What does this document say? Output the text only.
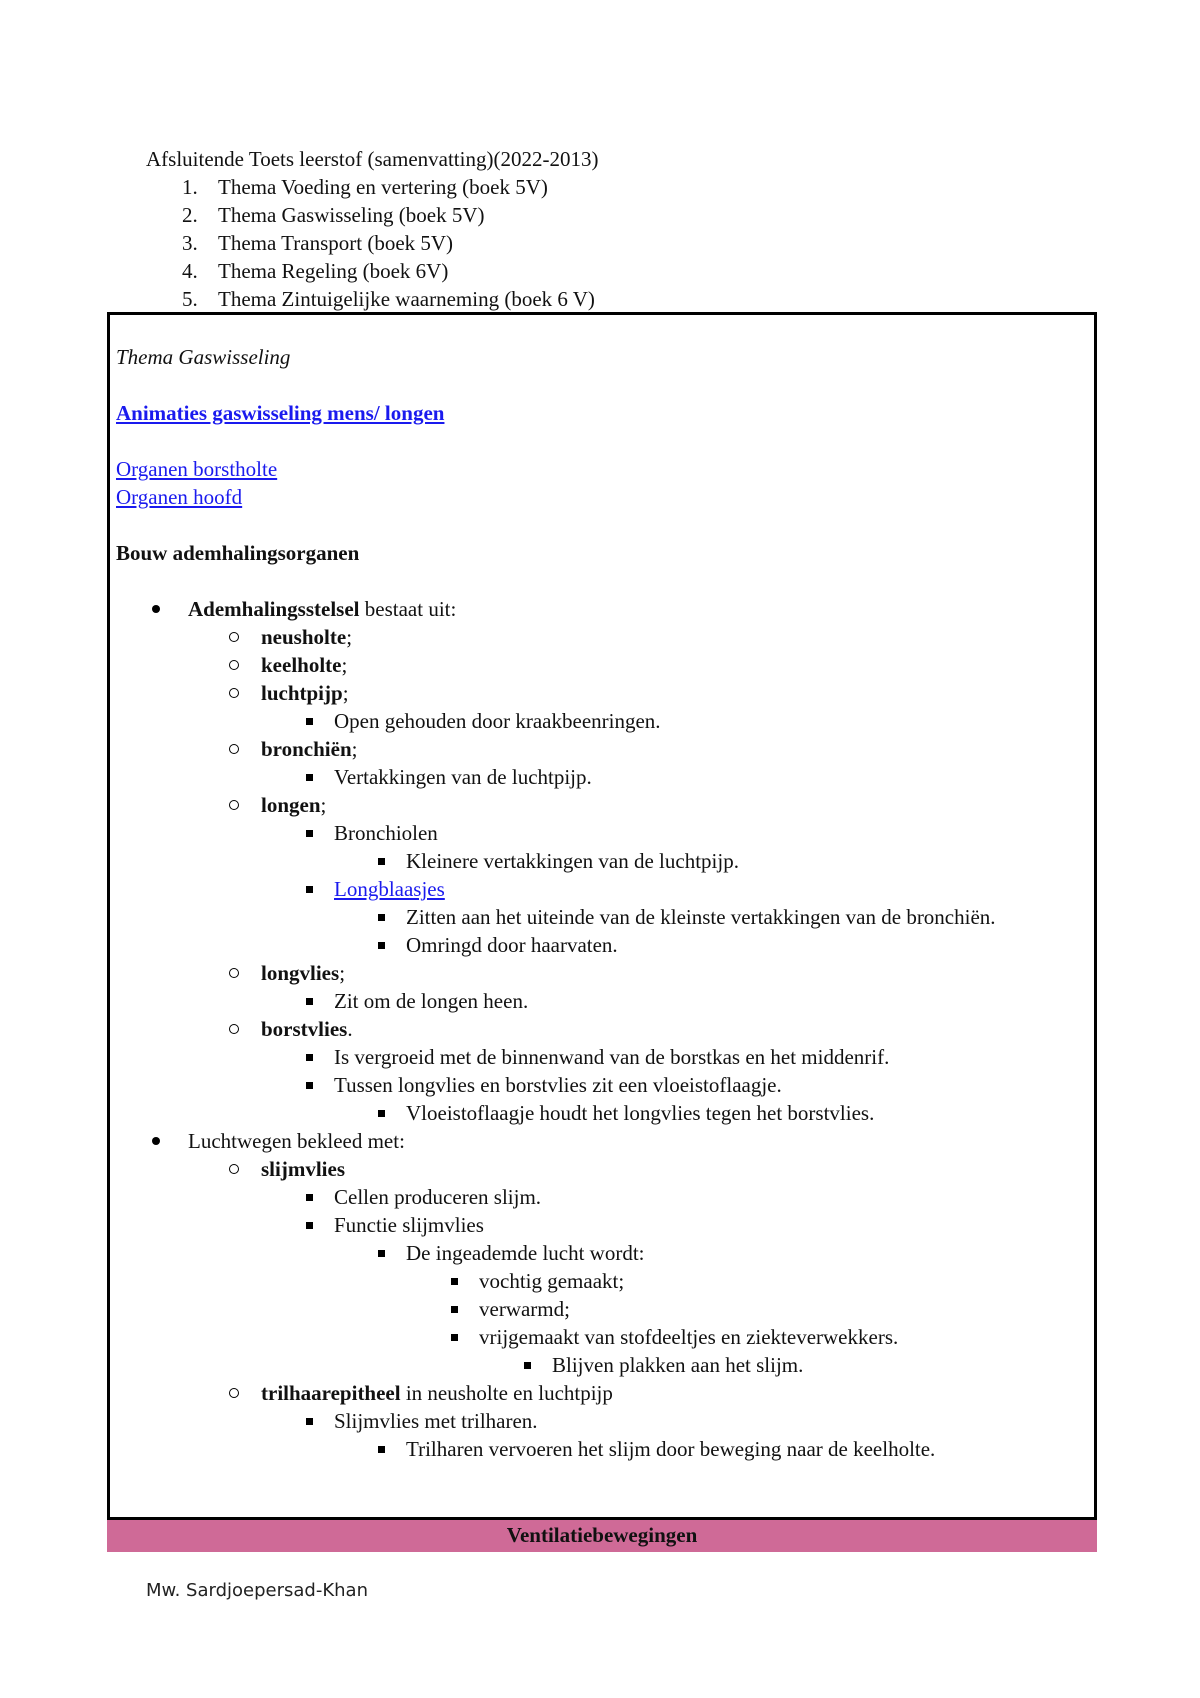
Afsluitende Toets leerstof (samenvatting)(2022-2013)
1. Thema Voeding en vertering (boek 5V)
2. Thema Gaswisseling (boek 5V)
3. Thema Transport (boek 5V)
4. Thema Regeling (boek 6V)
5. Thema Zintuigelijke waarneming (boek 6 V)
Thema Gaswisseling
Animaties gaswisseling mens/ longen
Organen borstholte
Organen hoofd
Bouw ademhalingsorganen
Ademhalingsstelsel bestaat uit:
neusholte;
keelholte;
luchtpijp;
Open gehouden door kraakbeenringen.
bronchiën;
Vertakkingen van de luchtpijp.
longen;
Bronchiolen
Kleinere vertakkingen van de luchtpijp.
Longblaasjes
Zitten aan het uiteinde van de kleinste vertakkingen van de bronchiën.
Omringd door haarvaten.
longvlies;
Zit om de longen heen.
borstvlies.
Is vergroeid met de binnenwand van de borstkas en het middenrif.
Tussen longvlies en borstvlies zit een vloeistoflaagje.
Vloeistoflaagje houdt het longvlies tegen het borstvlies.
Luchtwegen bekleed met:
slijmvlies
Cellen produceren slijm.
Functie slijmvlies
De ingeademde lucht wordt:
vochtig gemaakt;
verwarmd;
vrijgemaakt van stofdeeltjes en ziekteverwekkers.
Blijven plakken aan het slijm.
trilhaarepitheel in neusholte en luchtpijp
Slijmvlies met trilharen.
Trilharen vervoeren het slijm door beweging naar de keelholte.
Ventilatiebewegingen
Mw. Sardjoepersad-Khan
